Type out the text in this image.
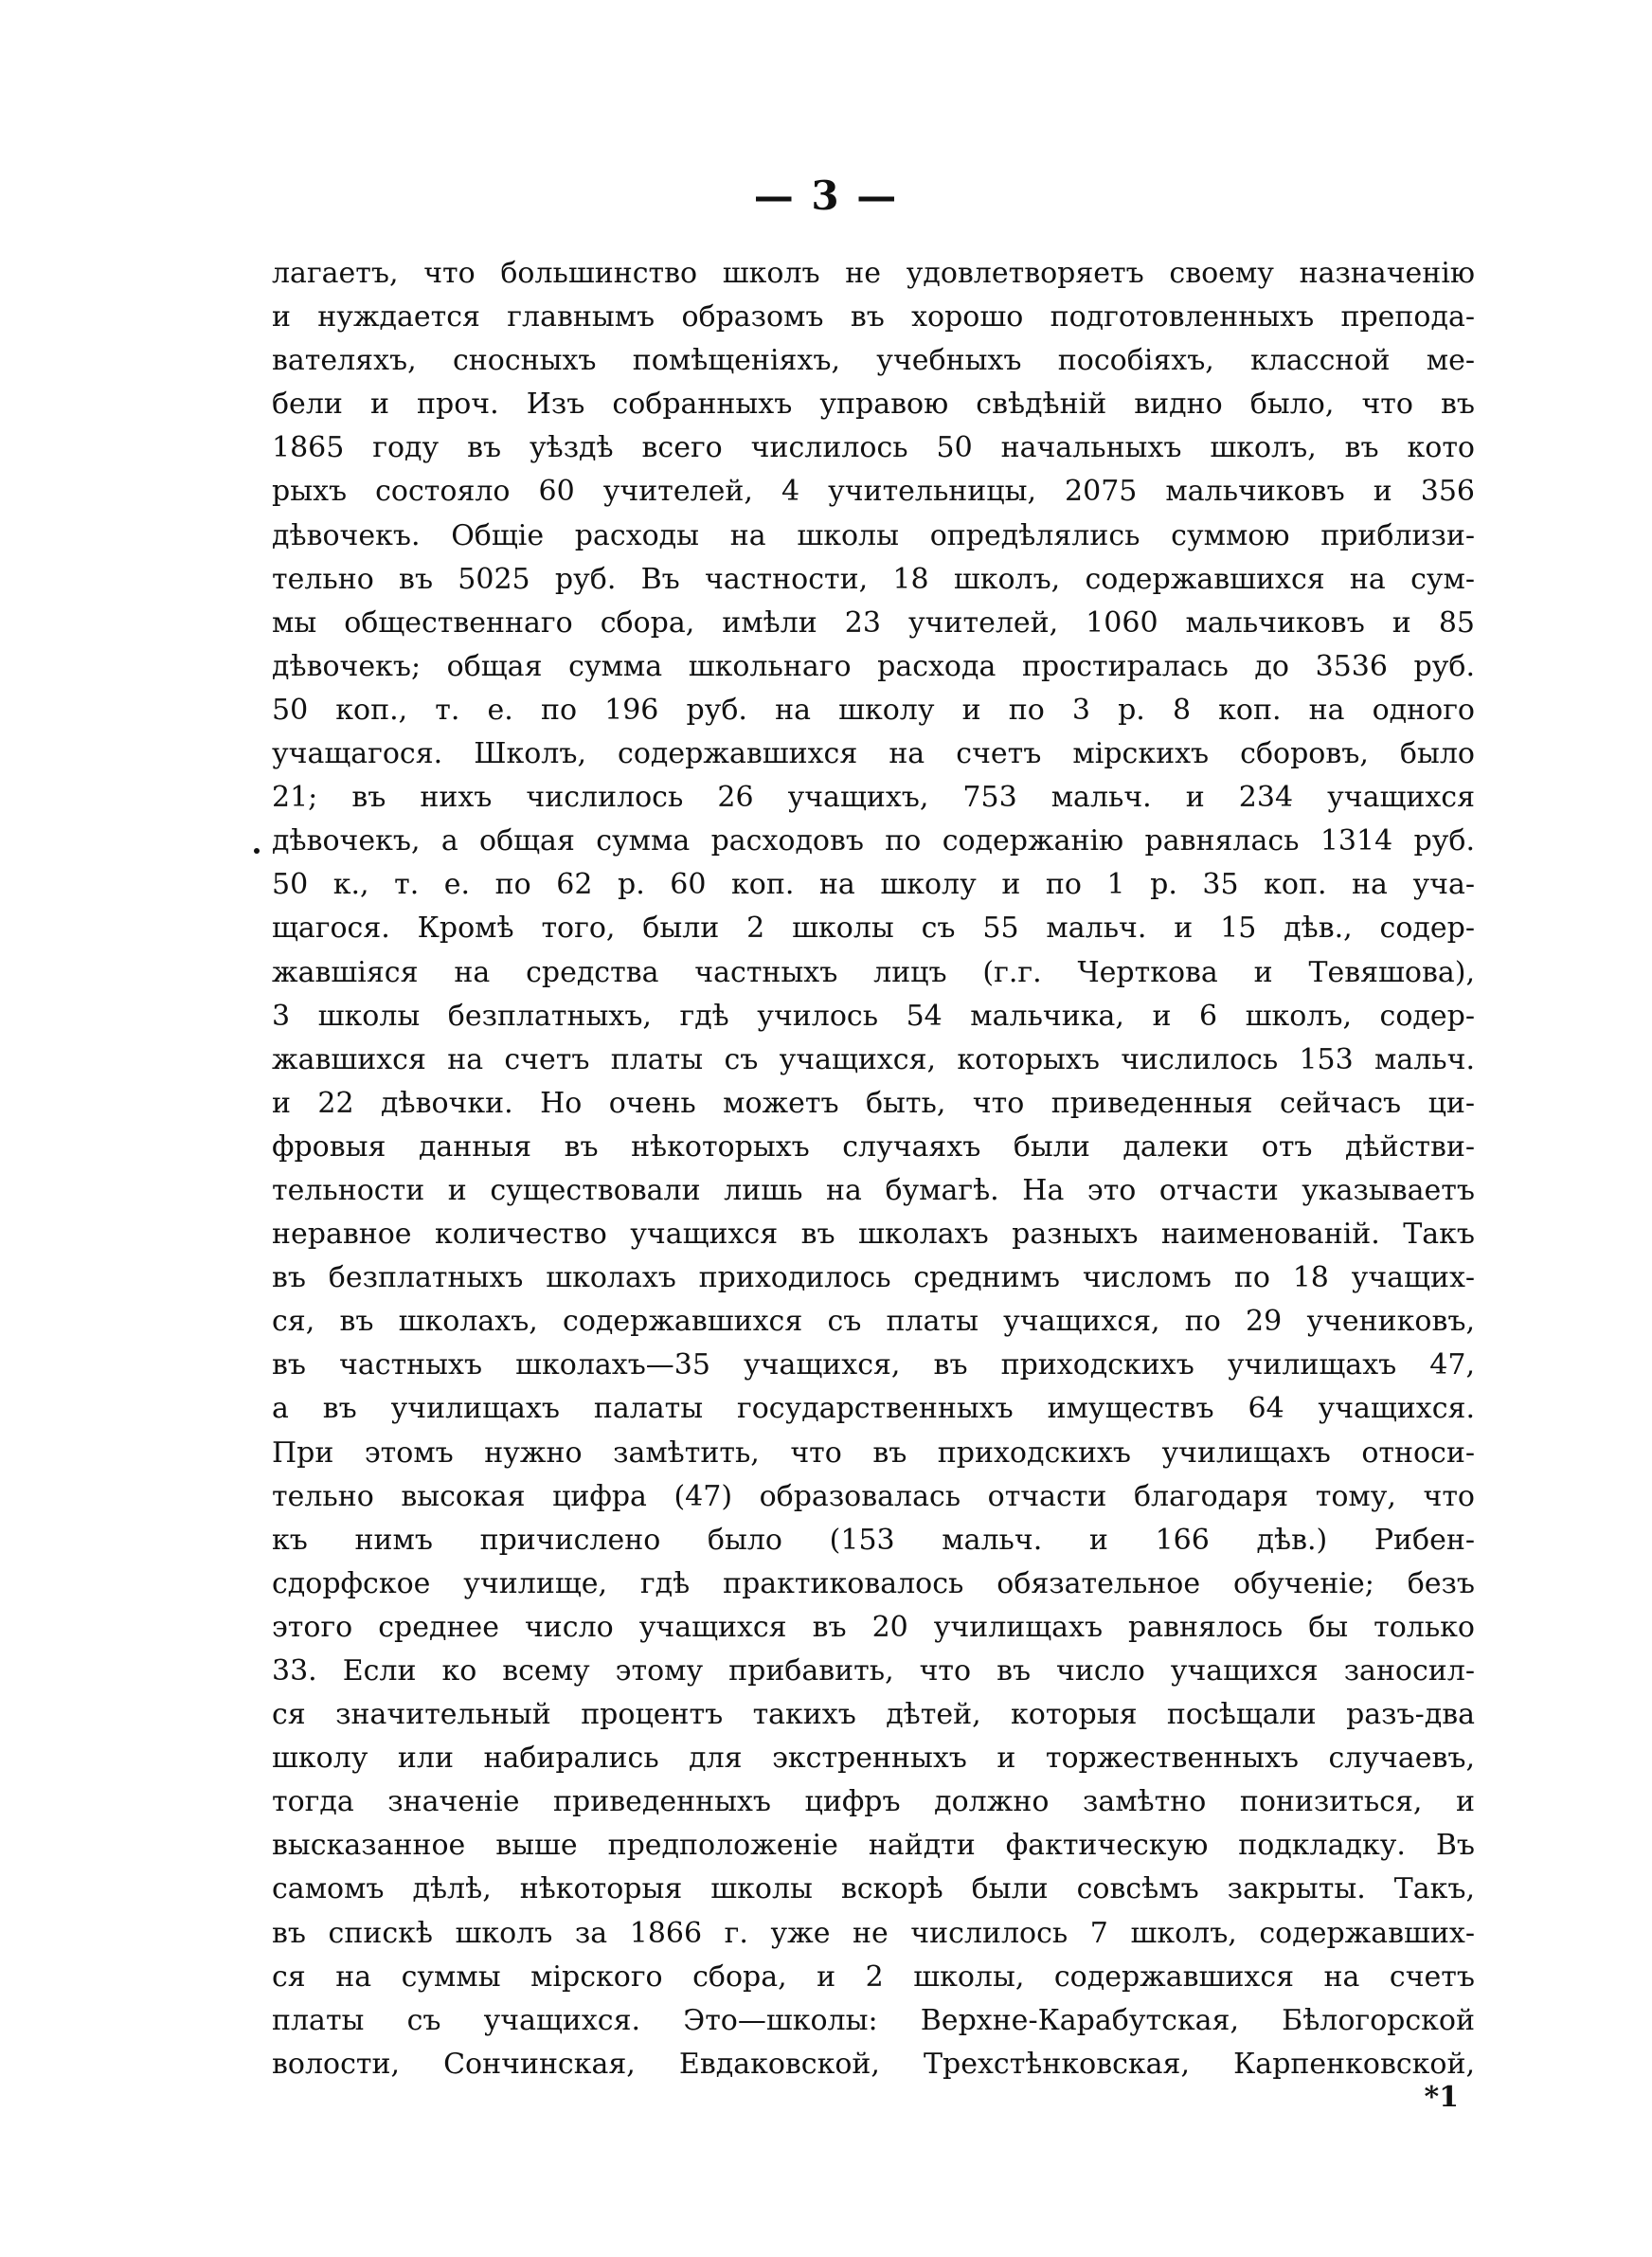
— 3 —
лагаетъ, что большинство школъ не удовлетворяетъ своему назначенію
и нуждается главнымъ образомъ въ хорошо подготовленныхъ препода-
вателяхъ, сносныхъ помѣщеніяхъ, учебныхъ пособіяхъ, классной ме-
бели и проч. Изъ собранныхъ управою свѣдѣній видно было, что въ
1865 году въ уѣздѣ всего числилось 50 начальныхъ школъ, въ кото
рыхъ состояло 60 учителей, 4 учительницы, 2075 мальчиковъ и 356
дѣвочекъ. Общіе расходы на школы опредѣлялись суммою приблизи-
тельно въ 5025 руб. Въ частности, 18 школъ, содержавшихся на сум-
мы общественнаго сбора, имѣли 23 учителей, 1060 мальчиковъ и 85
дѣвочекъ; общая сумма школьнаго расхода простиралась до 3536 руб.
50 коп., т. е. по 196 руб. на школу и по 3 р. 8 коп. на одного
учащагося. Школъ, содержавшихся на счетъ мірскихъ сборовъ, было
21; въ нихъ числилось 26 учащихъ, 753 мальч. и 234 учащихся
дѣвочекъ, а общая сумма расходовъ по содержанію равнялась 1314 руб.
50 к., т. е. по 62 р. 60 коп. на школу и по 1 р. 35 коп. на уча-
щагося. Кромѣ того, были 2 школы съ 55 мальч. и 15 дѣв., содер-
жавшіяся на средства частныхъ лицъ (г.г. Черткова и Тевяшова),
3 школы безплатныхъ, гдѣ училось 54 мальчика, и 6 школъ, содер-
жавшихся на счетъ платы съ учащихся, которыхъ числилось 153 мальч.
и 22 дѣвочки. Но очень можетъ быть, что приведенныя сейчасъ ци-
фровыя данныя въ нѣкоторыхъ случаяхъ были далеки отъ дѣйстви-
тельности и существовали лишь на бумагѣ. На это отчасти указываетъ
неравное количество учащихся въ школахъ разныхъ наименованій. Такъ
въ безплатныхъ школахъ приходилось среднимъ числомъ по 18 учащих-
ся, въ школахъ, содержавшихся съ платы учащихся, по 29 учениковъ,
въ частныхъ школахъ—35 учащихся, въ приходскихъ училищахъ 47,
а въ училищахъ палаты государственныхъ имуществъ 64 учащихся.
При этомъ нужно замѣтить, что въ приходскихъ училищахъ относи-
тельно высокая цифра (47) образовалась отчасти благодаря тому, что
къ нимъ причислено было (153 мальч. и 166 дѣв.) Рибен-
сдорфское училище, гдѣ практиковалось обязательное обученіе; безъ
этого среднее число учащихся въ 20 училищахъ равнялось бы только
33. Если ко всему этому прибавить, что въ число учащихся заносил-
ся значительный процентъ такихъ дѣтей, которыя посѣщали разъ-два
школу или набирались для экстренныхъ и торжественныхъ случаевъ,
тогда значеніе приведенныхъ цифръ должно замѣтно понизиться, и
высказанное выше предположеніе найдти фактическую подкладку. Въ
самомъ дѣлѣ, нѣкоторыя школы вскорѣ были совсѣмъ закрыты. Такъ,
въ спискѣ школъ за 1866 г. уже не числилось 7 школъ, содержавших-
ся на суммы мірского сбора, и 2 школы, содержавшихся на счетъ
платы съ учащихся. Это—школы: Верхне-Карабутская, Бѣлогорской
волости, Сончинская, Евдаковской, Трехстѣнковская, Карпенковской,
*1
